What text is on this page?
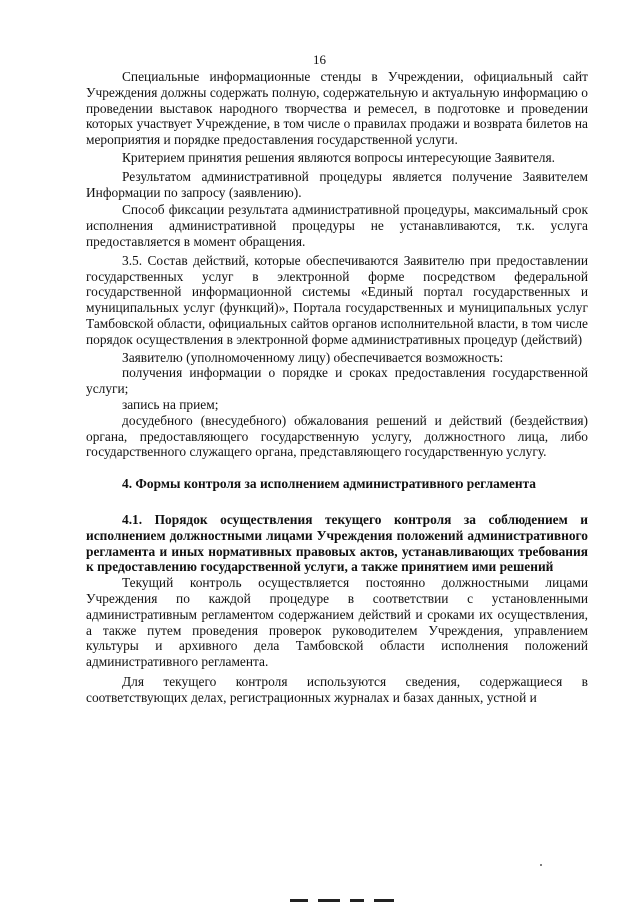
16

Специальные информационные стенды в Учреждении, официальный сайт Учреждения должны содержать полную, содержательную и актуальную информацию о проведении выставок народного творчества и ремесел, в подготовке и проведении которых участвует Учреждение, в том числе о правилах продажи и возврата билетов на мероприятия и порядке предоставления государственной услуги.

Критерием принятия решения являются вопросы интересующие Заявителя.

Результатом административной процедуры является получение Заявителем Информации по запросу (заявлению).

Способ фиксации результата административной процедуры, максимальный срок исполнения административной процедуры не устанавливаются, т.к. услуга предоставляется в момент обращения.

3.5. Состав действий, которые обеспечиваются Заявителю при предоставлении государственных услуг в электронной форме посредством федеральной государственной информационной системы «Единый портал государственных и муниципальных услуг (функций)», Портала государственных и муниципальных услуг Тамбовской области, официальных сайтов органов исполнительной власти, в том числе порядок осуществления в электронной форме административных процедур (действий)

Заявителю (уполномоченному лицу) обеспечивается возможность:

получения информации о порядке и сроках предоставления государственной услуги;

запись на прием;

досудебного (внесудебного) обжалования решений и действий (бездействия) органа, предоставляющего государственную услугу, должностного лица, либо государственного служащего органа, представляющего государственную услугу.

4. Формы контроля за исполнением административного регламента

4.1. Порядок осуществления текущего контроля за соблюдением и исполнением должностными лицами Учреждения положений административного регламента и иных нормативных правовых актов, устанавливающих требования к предоставлению государственной услуги, а также принятием ими решений

Текущий контроль осуществляется постоянно должностными лицами Учреждения по каждой процедуре в соответствии с установленными административным регламентом содержанием действий и сроками их осуществления, а также путем проведения проверок руководителем Учреждения, управлением культуры и архивного дела Тамбовской области исполнения положений административного регламента.

Для текущего контроля используются сведения, содержащиеся в соответствующих делах, регистрационных журналах и базах данных, устной и
